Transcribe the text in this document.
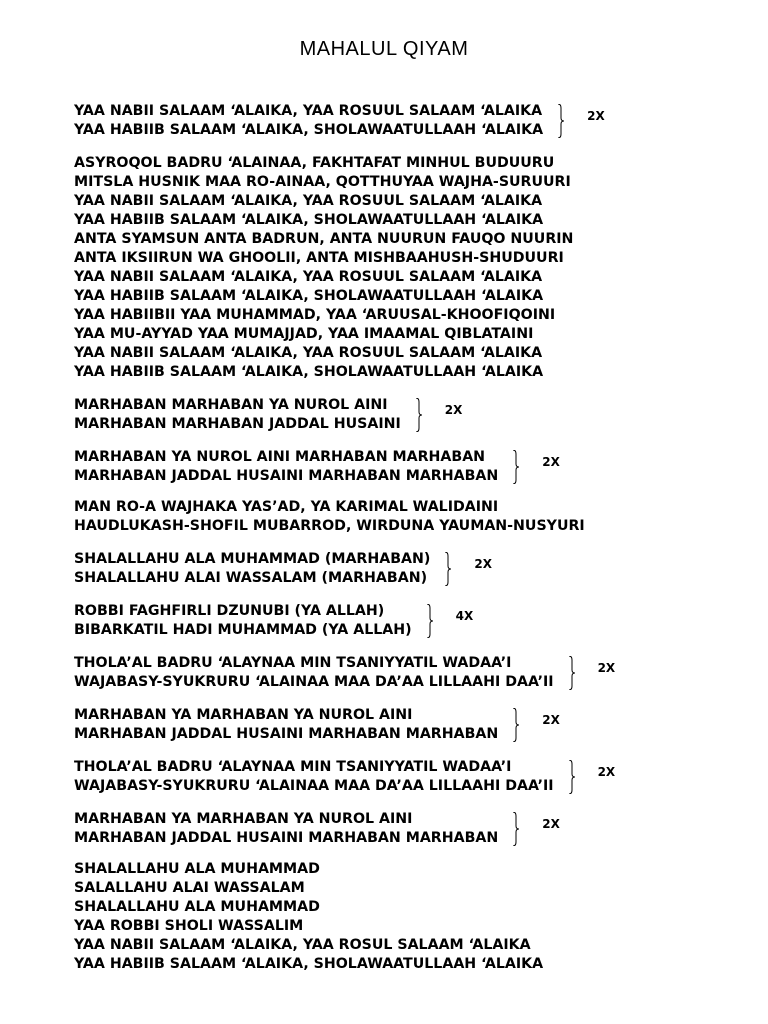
MAHALUL QIYAM
YAA NABII SALAAM ‘ALAIKA, YAA ROSUUL SALAAM ‘ALAIKA
YAA HABIIB SALAAM ‘ALAIKA, SHOLAWAATULLAAH ‘ALAIKA
2X
ASYROQOL BADRU ‘ALAINAA, FAKHTAFAT MINHUL BUDUURU
MITSLA HUSNIK MAA RO-AINAA, QOTTHUYAA WAJHA-SURUURI
YAA NABII SALAAM ‘ALAIKA, YAA ROSUUL SALAAM ‘ALAIKA
YAA HABIIB SALAAM ‘ALAIKA, SHOLAWAATULLAAH ‘ALAIKA
ANTA SYAMSUN ANTA BADRUN, ANTA NUURUN FAUQO NUURIN
ANTA IKSIIRUN WA GHOOLII, ANTA MISHBAAHUSH-SHUDUURI
YAA NABII SALAAM ‘ALAIKA, YAA ROSUUL SALAAM ‘ALAIKA
YAA HABIIB SALAAM ‘ALAIKA, SHOLAWAATULLAAH ‘ALAIKA
YAA HABIIBII YAA MUHAMMAD, YAA ‘ARUUSAL-KHOOFIQOINI
YAA MU-AYYAD YAA MUMAJJAD, YAA IMAAMAL QIBLATAINI
YAA NABII SALAAM ‘ALAIKA, YAA ROSUUL SALAAM ‘ALAIKA
YAA HABIIB SALAAM ‘ALAIKA, SHOLAWAATULLAAH ‘ALAIKA
MARHABAN MARHABAN YA NUROL AINI
MARHABAN MARHABAN JADDAL HUSAINI
2X
MARHABAN YA NUROL AINI MARHABAN MARHABAN
MARHABAN JADDAL HUSAINI MARHABAN MARHABAN
2X
MAN RO-A WAJHAKA YAS’AD, YA KARIMAL WALIDAINI
HAUDLUKASH-SHOFIL MUBARROD, WIRDUNA YAUMAN-NUSYURI
SHALALLAHU ALA MUHAMMAD (MARHABAN)
SHALALLAHU ALAI WASSALAM (MARHABAN)
2X
ROBBI FAGHFIRLI DZUNUBI (YA ALLAH)
BIBARKATIL HADI MUHAMMAD (YA ALLAH)
4X
THOLA’AL BADRU ‘ALAYNAA MIN TSANIYYATIL WADAA’I
WAJABASY-SYUKRURU ‘ALAINAA MAA DA’AA LILLAAHI DAA’II
2X
MARHABAN YA MARHABAN YA NUROL AINI
MARHABAN JADDAL HUSAINI MARHABAN MARHABAN
2X
THOLA’AL BADRU ‘ALAYNAA MIN TSANIYYATIL WADAA’I
WAJABASY-SYUKRURU ‘ALAINAA MAA DA’AA LILLAAHI DAA’II
2X
MARHABAN YA MARHABAN YA NUROL AINI
MARHABAN JADDAL HUSAINI MARHABAN MARHABAN
2X
SHALALLAHU ALA MUHAMMAD
SALALLAHU ALAI WASSALAM
SHALALLAHU ALA MUHAMMAD
YAA ROBBI SHOLI WASSALIM
YAA NABII SALAAM ‘ALAIKA, YAA ROSUL SALAAM ‘ALAIKA
YAA HABIIB SALAAM ‘ALAIKA, SHOLAWAATULLAAH ‘ALAIKA
